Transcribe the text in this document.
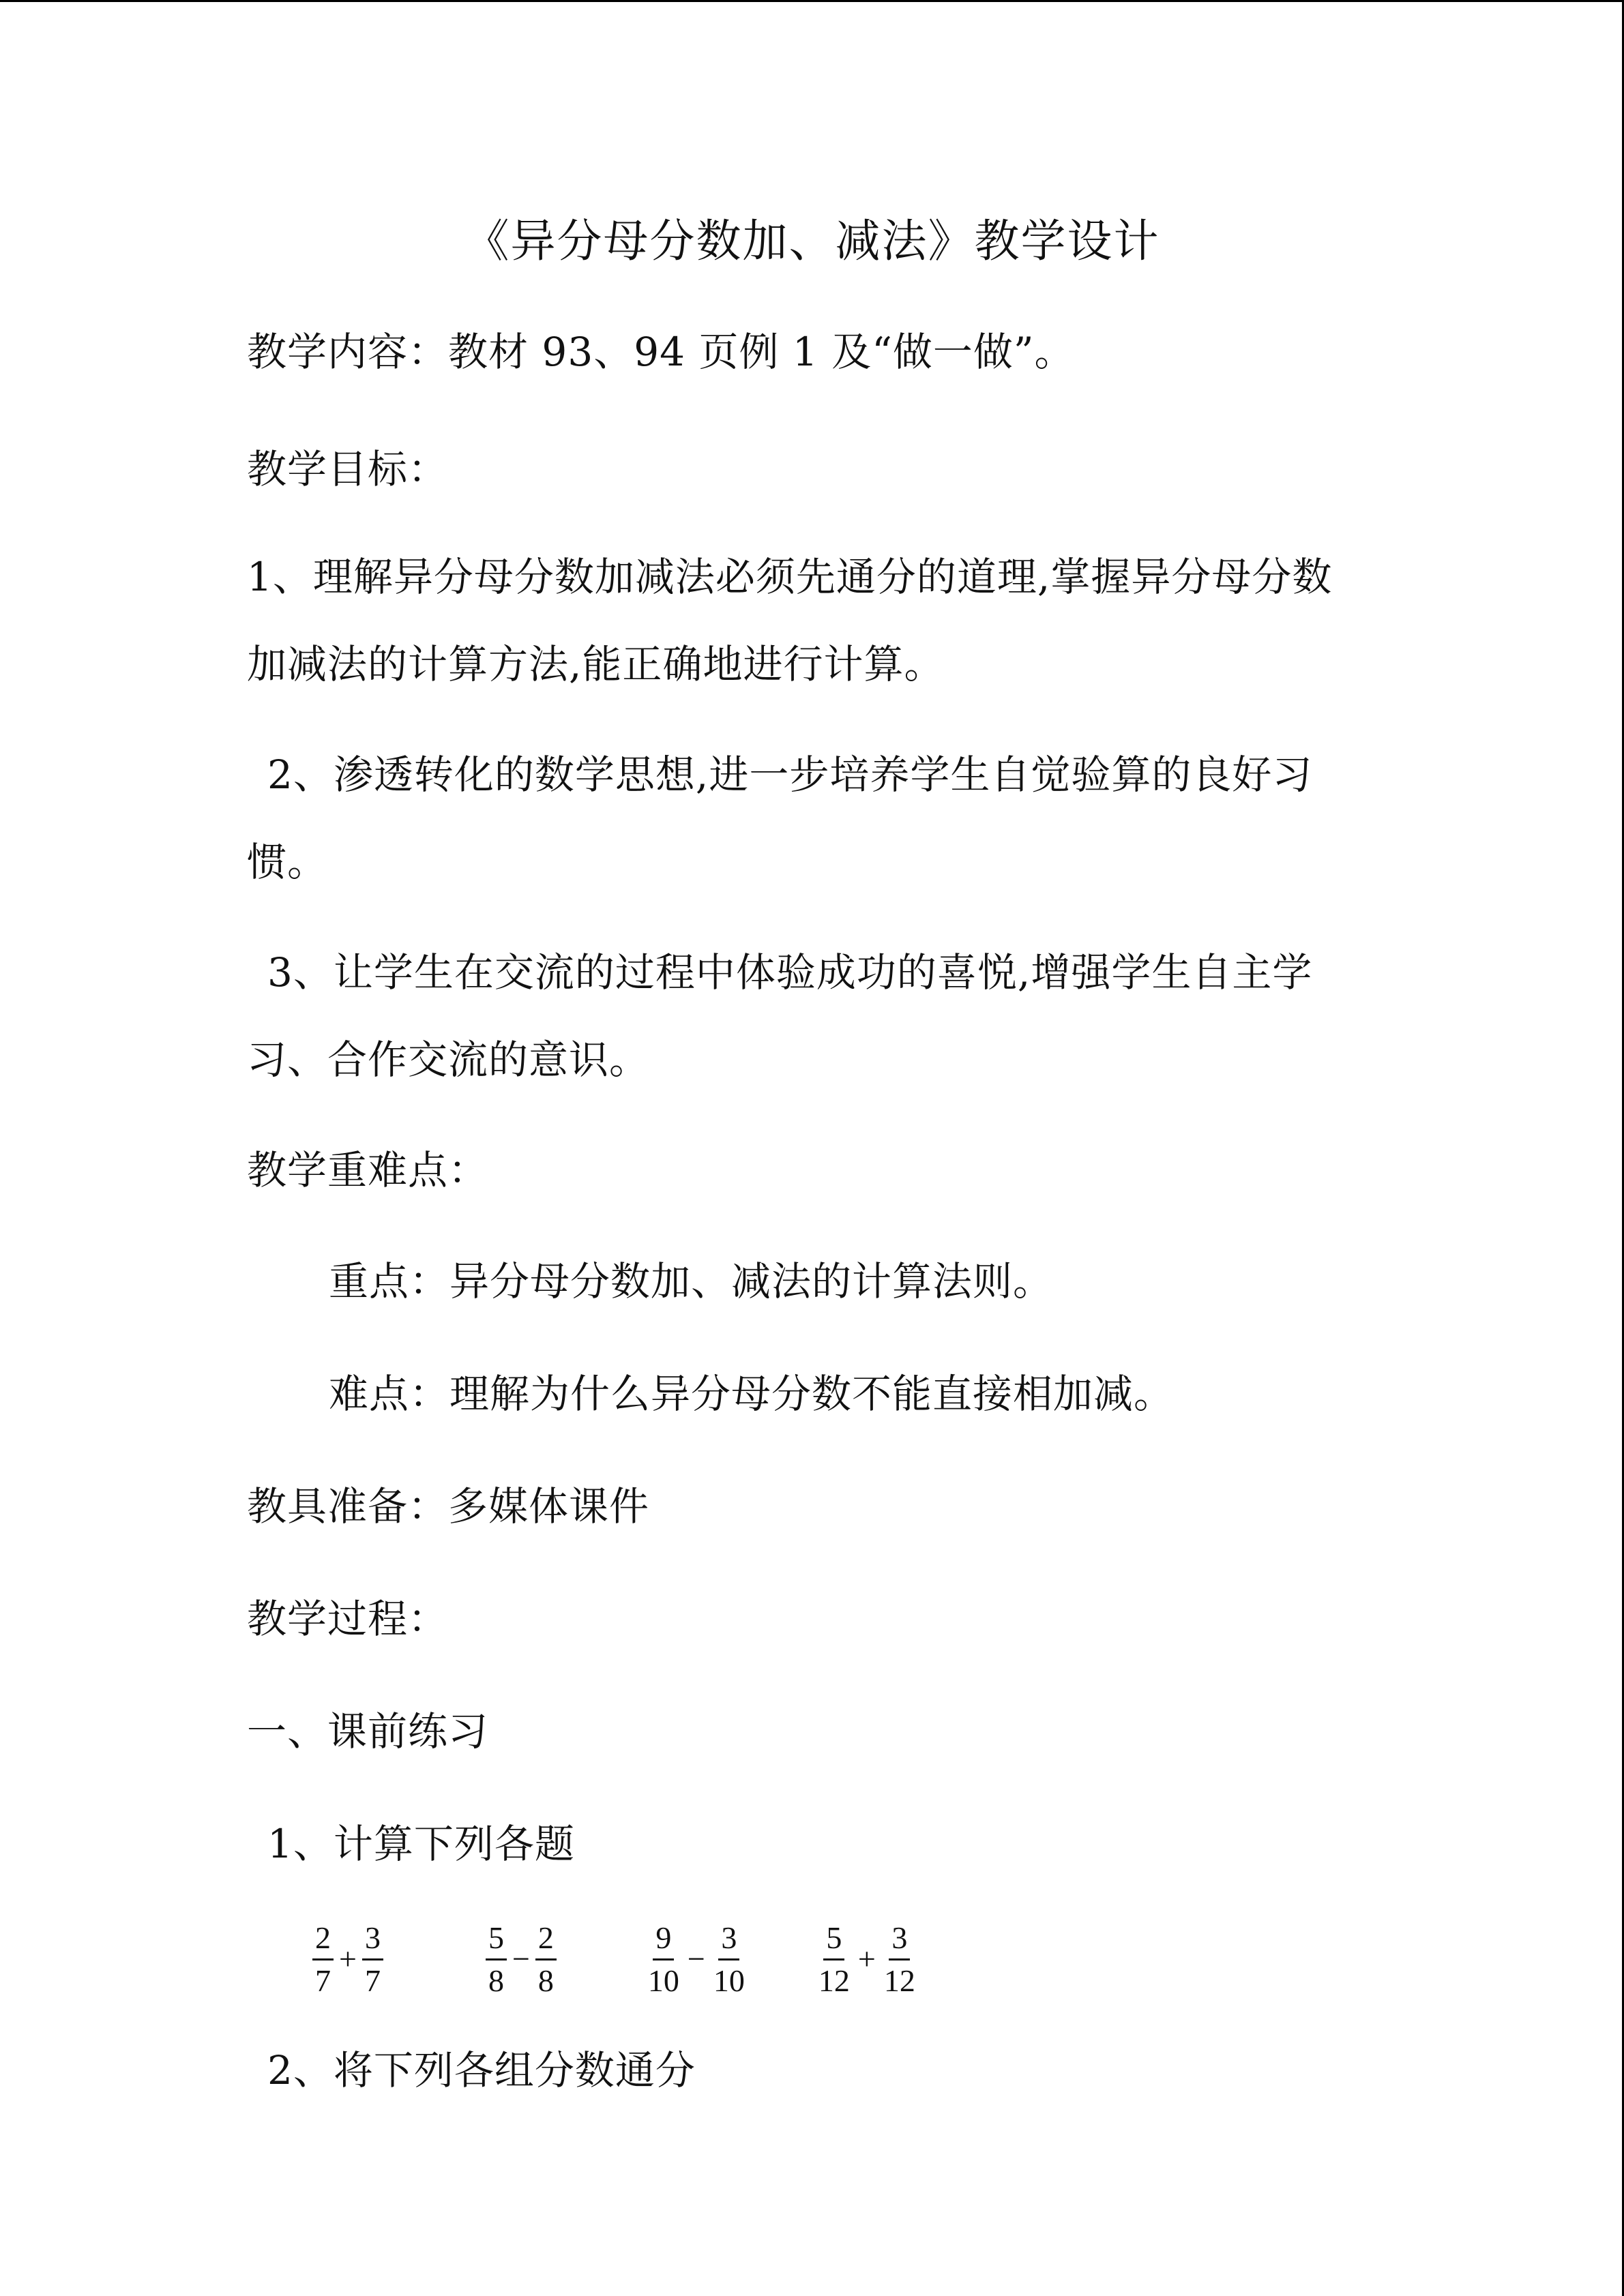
《异分母分数加、减法》教学设计
教学内容：教材 93、94 页例 1 及“做一做”。
教学目标：
1、理解异分母分数加减法必须先通分的道理,掌握异分母分数
加减法的计算方法,能正确地进行计算。
2、渗透转化的数学思想,进一步培养学生自觉验算的良好习
惯。
3、让学生在交流的过程中体验成功的喜悦,增强学生自主学
习、合作交流的意识。
教学重难点：
重点：异分母分数加、减法的计算法则。
难点：理解为什么异分母分数不能直接相加减。
教具准备：多媒体课件
教学过程：
一、课前练习
1、计算下列各题
$\frac{2}{7} + \frac{3}{7}$	$\frac{5}{8} - \frac{2}{8}$	$\frac{9}{10} - \frac{3}{10} \frac{5}{12} + \frac{3}{12}$
2、将下列各组分数通分
